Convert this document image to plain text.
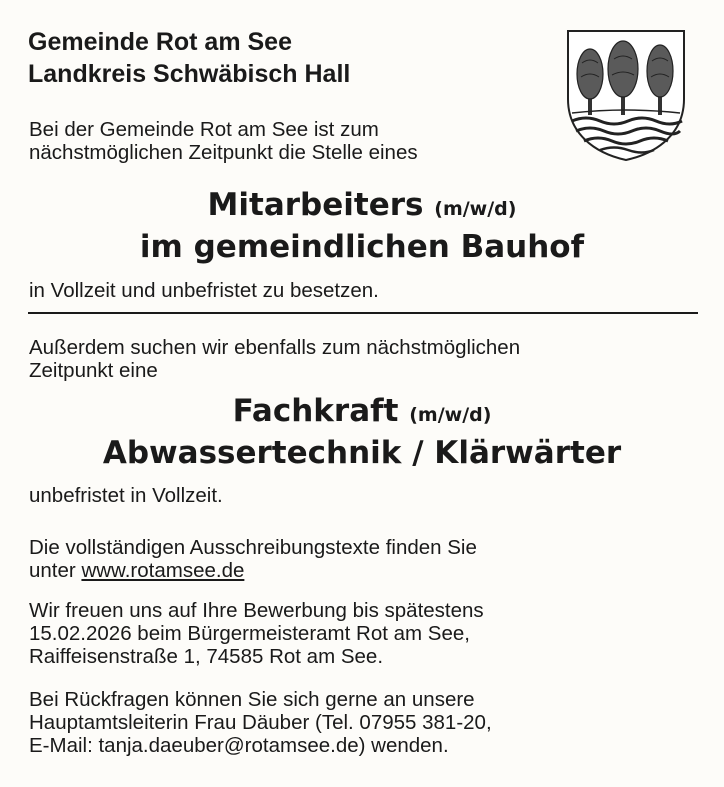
Gemeinde Rot am See
Landkreis Schwäbisch Hall
Bei der Gemeinde Rot am See ist zum
nächstmöglichen Zeitpunkt die Stelle eines
Mitarbeiters (m/w/d)
im gemeindlichen Bauhof
in Vollzeit und unbefristet zu besetzen.
Außerdem suchen wir ebenfalls zum nächstmöglichen
Zeitpunkt eine
Fachkraft (m/w/d)
Abwassertechnik / Klärwärter
unbefristet in Vollzeit.
Die vollständigen Ausschreibungstexte finden Sie
unter www.rotamsee.de
Wir freuen uns auf Ihre Bewerbung bis spätestens
15.02.2026 beim Bürgermeisteramt Rot am See,
Raiffeisenstraße 1, 74585 Rot am See.
Bei Rückfragen können Sie sich gerne an unsere
Hauptamtsleiterin Frau Däuber (Tel. 07955 381-20,
E-Mail: tanja.daeuber@rotamsee.de) wenden.
